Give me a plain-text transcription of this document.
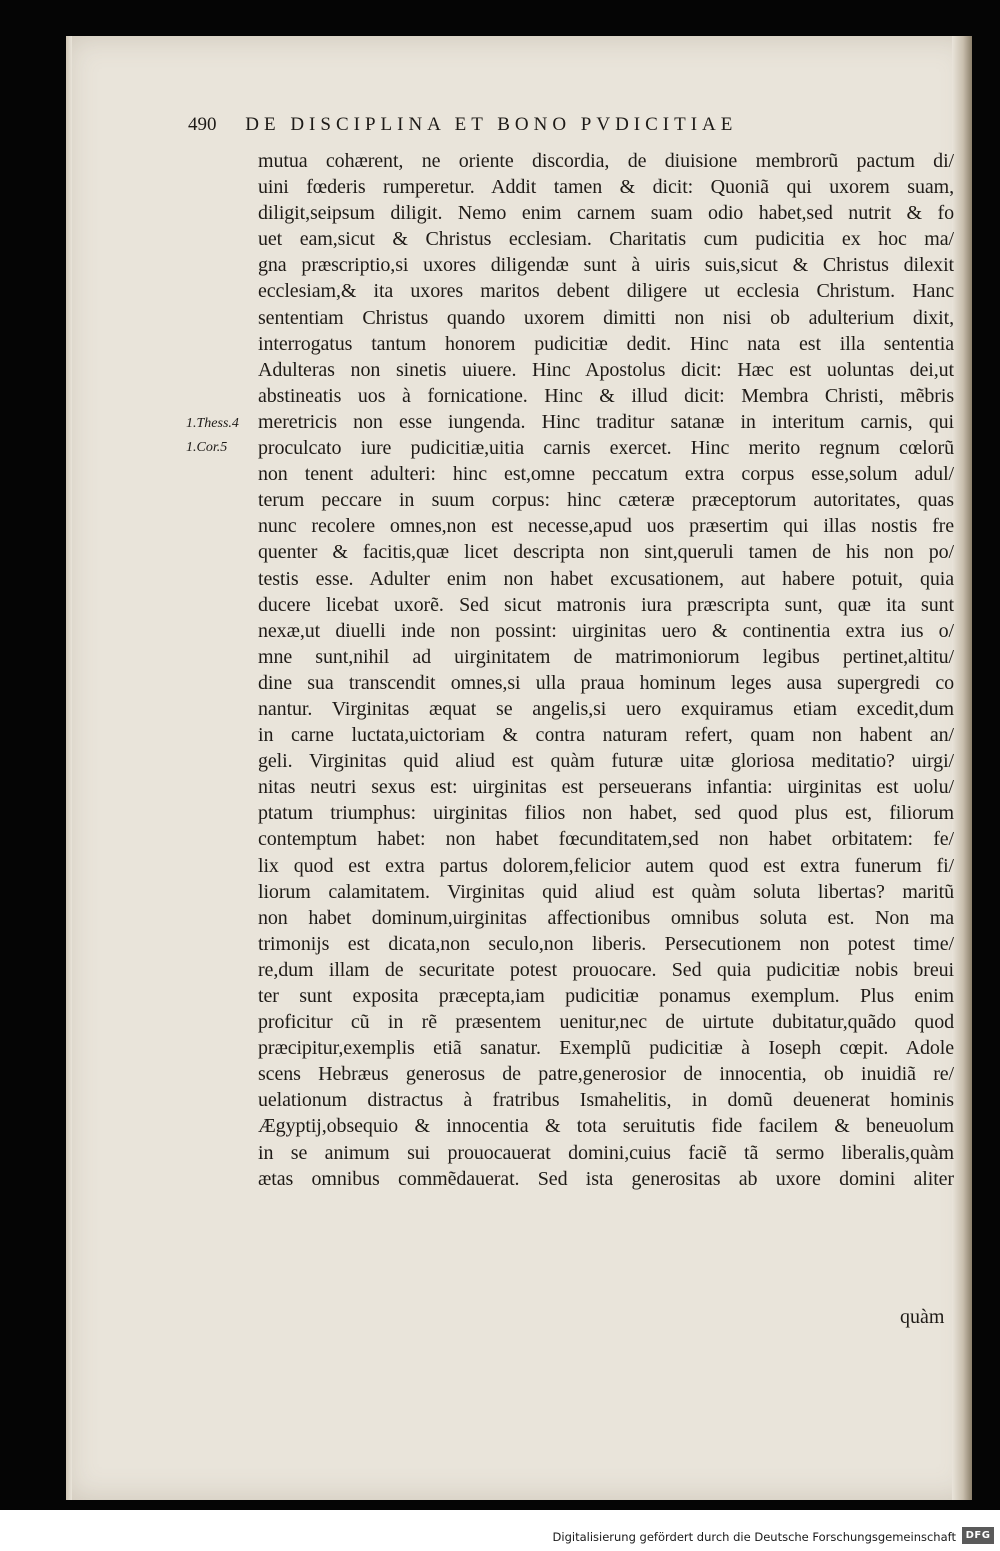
490 DE DISCIPLINA ET BONO PVDICITIAE
1.Thess.4
1.Cor.5
mutua cohærent, ne oriente discordia, de diuisione membrorũ pactum di/
uini fœderis rumperetur. Addit tamen & dicit: Quoniã qui uxorem suam,
diligit,seipsum diligit. Nemo enim carnem suam odio habet,sed nutrit & fo
uet eam,sicut & Christus ecclesiam. Charitatis cum pudicitia ex hoc ma/
gna præscriptio,si uxores diligendæ sunt à uiris suis,sicut & Christus dilexit
ecclesiam,& ita uxores maritos debent diligere ut ecclesia Christum. Hanc
sententiam Christus quando uxorem dimitti non nisi ob adulterium dixit,
interrogatus tantum honorem pudicitiæ dedit. Hinc nata est illa sententia
Adulteras non sinetis uiuere. Hinc Apostolus dicit: Hæc est uoluntas dei,ut
abstineatis uos à fornicatione. Hinc & illud dicit: Membra Christi, mẽbris
meretricis non esse iungenda. Hinc traditur satanæ in interitum carnis, qui
proculcato iure pudicitiæ,uitia carnis exercet. Hinc merito regnum cœlorũ
non tenent adulteri: hinc est,omne peccatum extra corpus esse,solum adul/
terum peccare in suum corpus: hinc cæteræ præceptorum autoritates, quas
nunc recolere omnes,non est necesse,apud uos præsertim qui illas nostis fre
quenter & facitis,quæ licet descripta non sint,queruli tamen de his non po/
testis esse. Adulter enim non habet excusationem, aut habere potuit, quia
ducere licebat uxorẽ. Sed sicut matronis iura præscripta sunt, quæ ita sunt
nexæ,ut diuelli inde non possint: uirginitas uero & continentia extra ius o/
mne sunt,nihil ad uirginitatem de matrimoniorum legibus pertinet,altitu/
dine sua transcendit omnes,si ulla praua hominum leges ausa supergredi co
nantur. Virginitas æquat se angelis,si uero exquiramus etiam excedit,dum
in carne luctata,uictoriam & contra naturam refert, quam non habent an/
geli. Virginitas quid aliud est quàm futuræ uitæ gloriosa meditatio? uirgi/
nitas neutri sexus est: uirginitas est perseuerans infantia: uirginitas est uolu/
ptatum triumphus: uirginitas filios non habet, sed quod plus est, filiorum
contemptum habet: non habet fœcunditatem,sed non habet orbitatem: fe/
lix quod est extra partus dolorem,felicior autem quod est extra funerum fi/
liorum calamitatem. Virginitas quid aliud est quàm soluta libertas? maritũ
non habet dominum,uirginitas affectionibus omnibus soluta est. Non ma
trimonijs est dicata,non seculo,non liberis. Persecutionem non potest time/
re,dum illam de securitate potest prouocare. Sed quia pudicitiæ nobis breui
ter sunt exposita præcepta,iam pudicitiæ ponamus exemplum. Plus enim
proficitur cũ in rẽ præsentem uenitur,nec de uirtute dubitatur,quãdo quod
præcipitur,exemplis etiã sanatur. Exemplũ pudicitiæ à Ioseph cœpit. Adole
scens Hebræus generosus de patre,generosior de innocentia, ob inuidiã re/
uelationum distractus à fratribus Ismahelitis, in domũ deuenerat hominis
Ægyptij,obsequio & innocentia & tota seruitutis fide facilem & beneuolum
in se animum sui prouocauerat domini,cuius faciẽ tã sermo liberalis,quàm
ætas omnibus commẽdauerat. Sed ista generositas ab uxore domini aliter
quàm
Digitalisierung gefördert durch die Deutsche Forschungsgemeinschaft DFG
